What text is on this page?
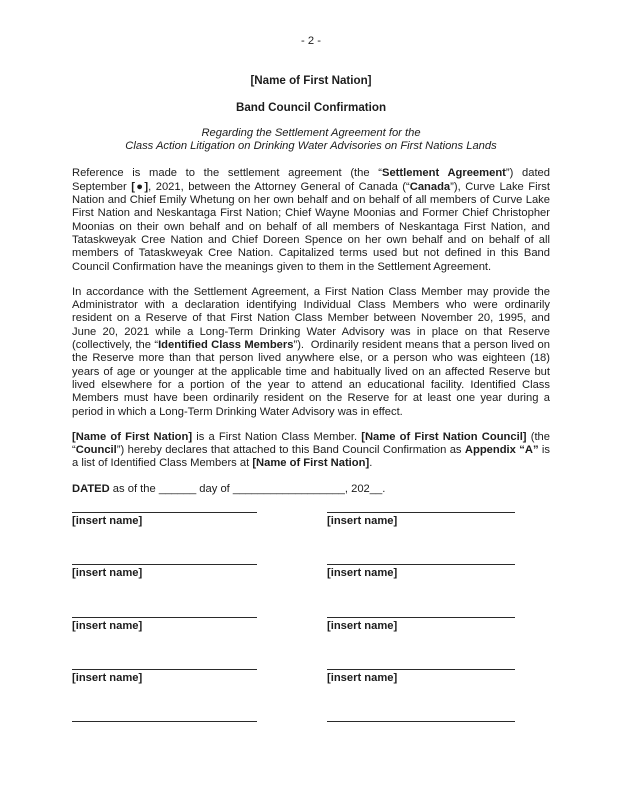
- 2 -
[Name of First Nation]
Band Council Confirmation
Regarding the Settlement Agreement for the
Class Action Litigation on Drinking Water Advisories on First Nations Lands

Reference is made to the settlement agreement (the “Settlement Agreement”) dated September [●], 2021, between the Attorney General of Canada (“Canada”), Curve Lake First Nation and Chief Emily Whetung on her own behalf and on behalf of all members of Curve Lake First Nation and Neskantaga First Nation; Chief Wayne Moonias and Former Chief Christopher Moonias on their own behalf and on behalf of all members of Neskantaga First Nation, and Tataskweyak Cree Nation and Chief Doreen Spence on her own behalf and on behalf of all members of Tataskweyak Cree Nation. Capitalized terms used but not defined in this Band Council Confirmation have the meanings given to them in the Settlement Agreement.

In accordance with the Settlement Agreement, a First Nation Class Member may provide the Administrator with a declaration identifying Individual Class Members who were ordinarily resident on a Reserve of that First Nation Class Member between November 20, 1995, and June 20, 2021 while a Long-Term Drinking Water Advisory was in place on that Reserve (collectively, the “Identified Class Members”).  Ordinarily resident means that a person lived on the Reserve more than that person lived anywhere else, or a person who was eighteen (18) years of age or younger at the applicable time and habitually lived on an affected Reserve but lived elsewhere for a portion of the year to attend an educational facility. Identified Class Members must have been ordinarily resident on the Reserve for at least one year during a period in which a Long-Term Drinking Water Advisory was in effect.

[Name of First Nation] is a First Nation Class Member. [Name of First Nation Council] (the “Council”) hereby declares that attached to this Band Council Confirmation as Appendix “A” is a list of Identified Class Members at [Name of First Nation].

DATED as of the ______ day of __________________, 202__.

[insert name]	[insert name]
[insert name]	[insert name]
[insert name]	[insert name]
[insert name]	[insert name]
